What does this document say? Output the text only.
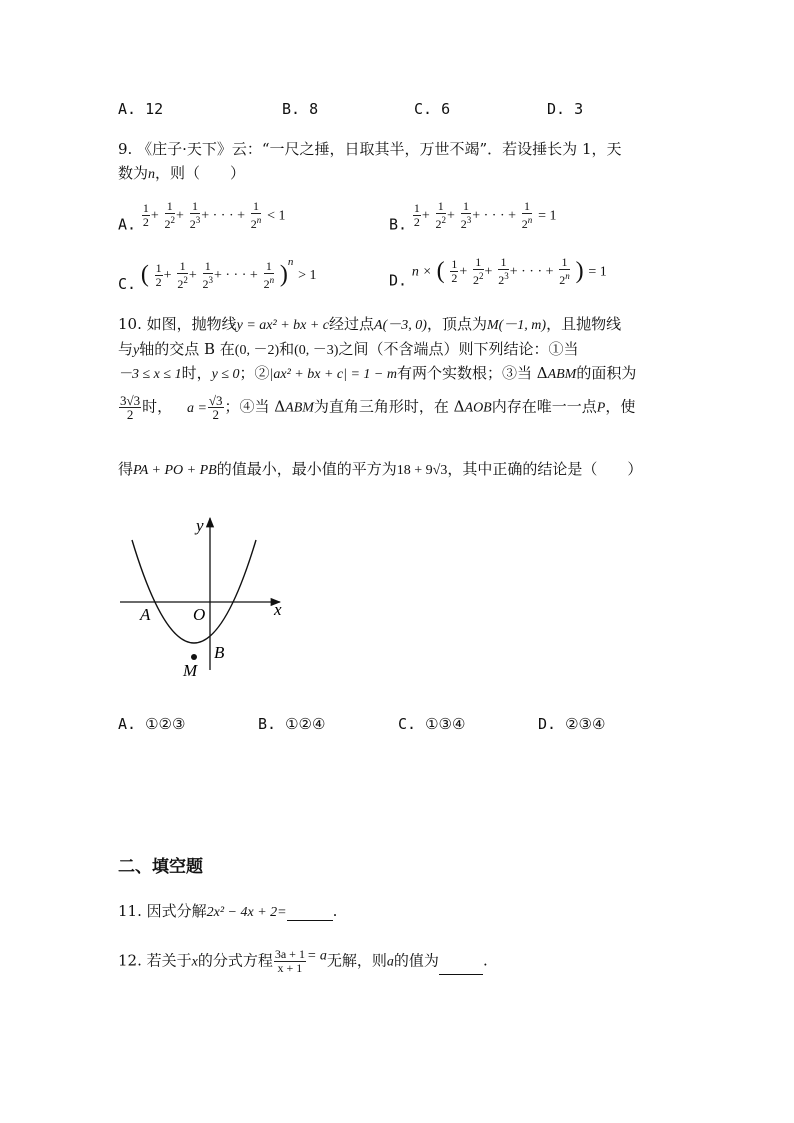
A. 12	B. 8	C. 6	D. 3
9. 《庄子·天下》云：“一尺之捶，日取其半，万世不竭”．若设捶长为 1，天
数为n，则（　　）
A. $\frac{1}{2} + \frac{1}{2^2} + \frac{1}{2^3}$ + · · · + $\frac{1}{2^n} < 1$	B. $\frac{1}{2} + \frac{1}{2^2} + \frac{1}{2^3}$ + · · · + $\frac{1}{2^n} = 1$
C. ( $\frac{1}{2} + \frac{1}{2^2} + \frac{1}{2^3}$ + · · · + $\frac{1}{2^n} )^n > 1$	D. n × ( $\frac{1}{2} + \frac{1}{2^2} + \frac{1}{2^3}$ + · · · + $\frac{1}{2^n}$ ) = 1
10. 如图，抛物线y = ax² + bx + c经过点A(－3, 0)，顶点为M(－1, m)，且抛物线
与y轴的交点 B 在(0, －2)和(0, －3)之间（不含端点）则下列结论：①当
－3 ≤ x ≤ 1时，y ≤ 0；②|ax² + bx + c| = 1 − m有两个实数根；③当 ΔABM的面积为
$\frac{3√3}{2}$ 时， $a = \frac{√3}{2}$ ；④当 ΔABM为直角三角形时，在 ΔAOB内存在唯一一点P，使
得PA + PO + PB的值最小，最小值的平方为18 + 9√3，其中正确的结论是（　　）
y
x
A	O
B
M
A. ①②③	B. ①②④	C. ①③④	D. ②③④
二、填空题
11. 因式分解2x² − 4x + 2=	.
12. 若关于x的分式方程 $\frac{3a + 1}{x + 1} = a$无解，则a的值为	.
